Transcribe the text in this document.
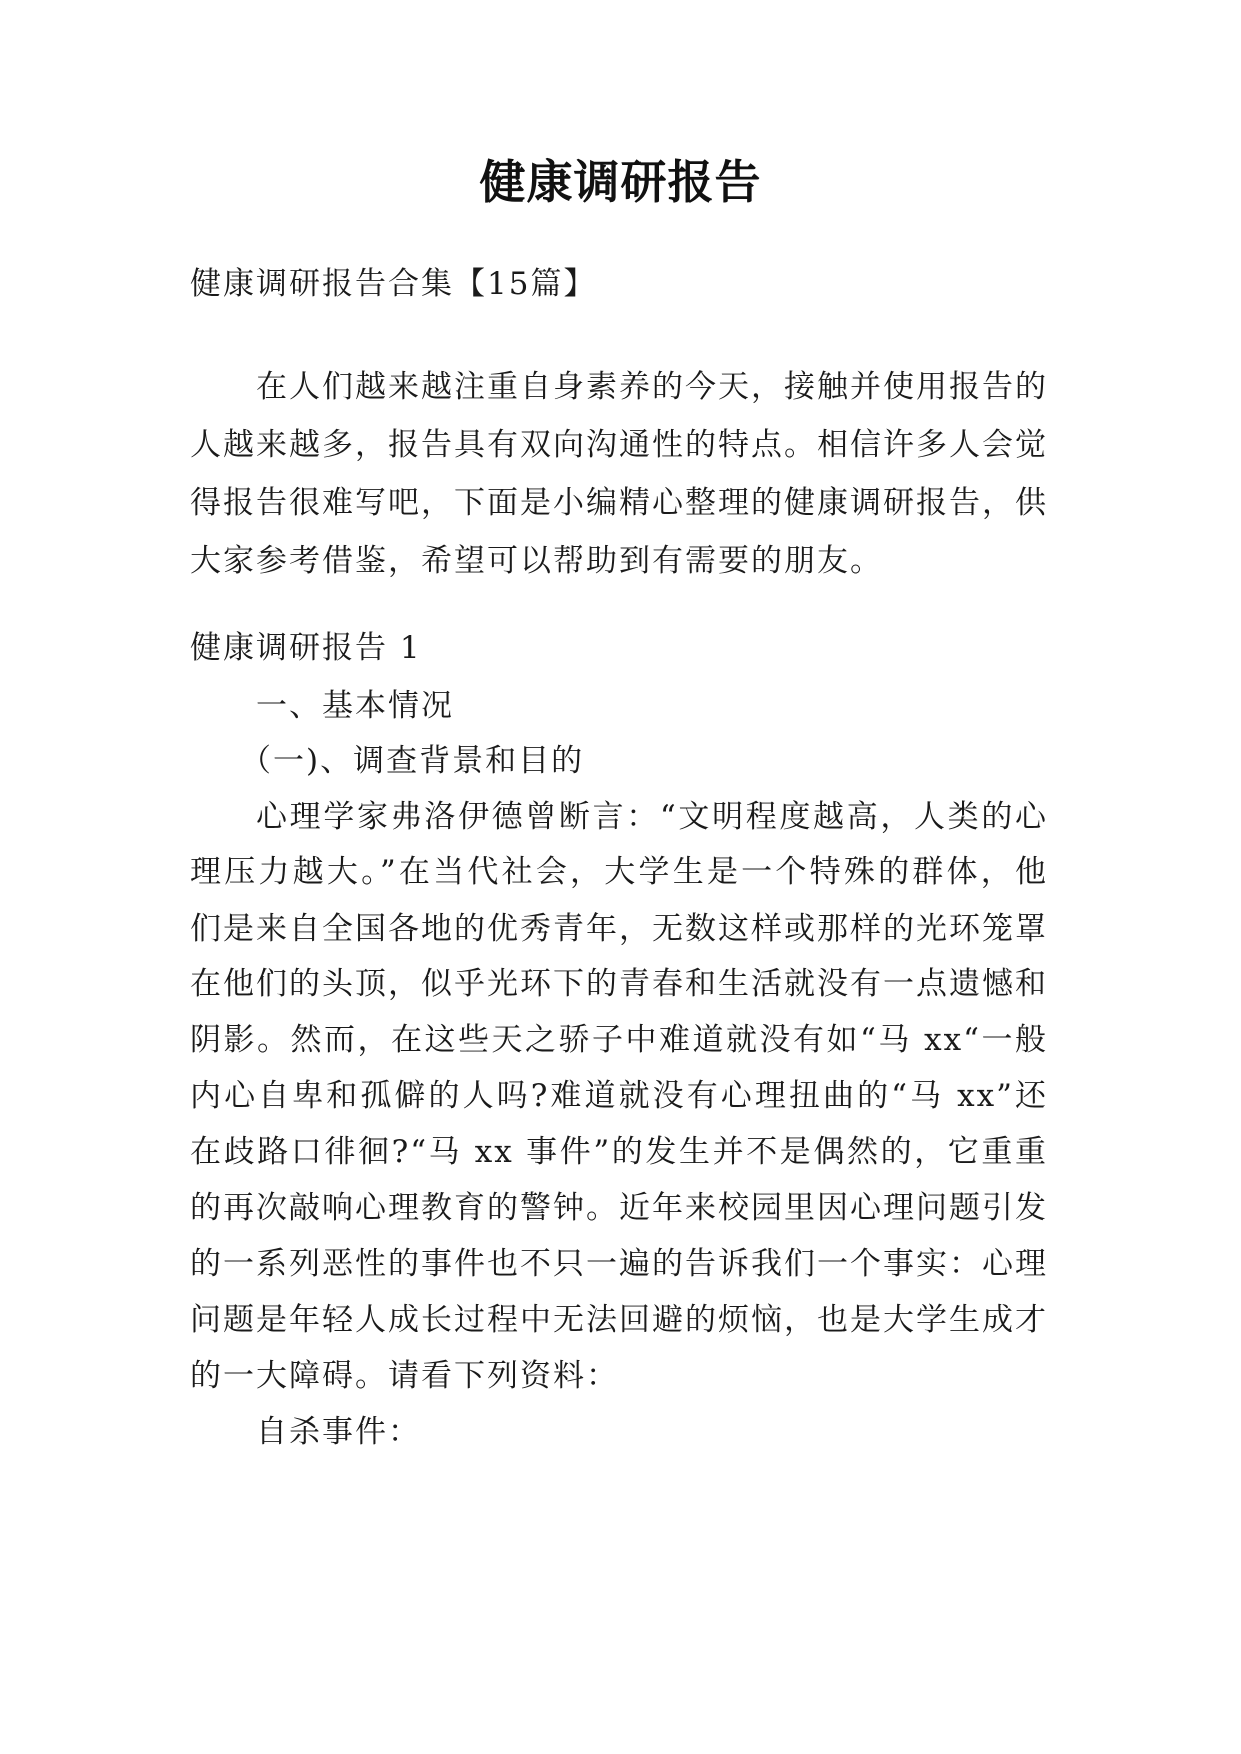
健康调研报告
健康调研报告合集【15篇】
在人们越来越注重自身素养的今天，接触并使用报告的
人越来越多，报告具有双向沟通性的特点。相信许多人会觉
得报告很难写吧，下面是小编精心整理的健康调研报告，供
大家参考借鉴，希望可以帮助到有需要的朋友。
健康调研报告 1
一、基本情况
（一)、调查背景和目的
心理学家弗洛伊德曾断言：“文明程度越高，人类的心
理压力越大。”在当代社会，大学生是一个特殊的群体，他
们是来自全国各地的优秀青年，无数这样或那样的光环笼罩
在他们的头顶，似乎光环下的青春和生活就没有一点遗憾和
阴影。然而，在这些天之骄子中难道就没有如“马 xx“一般
内心自卑和孤僻的人吗?难道就没有心理扭曲的“马 xx”还
在歧路口徘徊?“马 xx 事件”的发生并不是偶然的，它重重
的再次敲响心理教育的警钟。近年来校园里因心理问题引发
的一系列恶性的事件也不只一遍的告诉我们一个事实：心理
问题是年轻人成长过程中无法回避的烦恼，也是大学生成才
的一大障碍。请看下列资料：
自杀事件：
